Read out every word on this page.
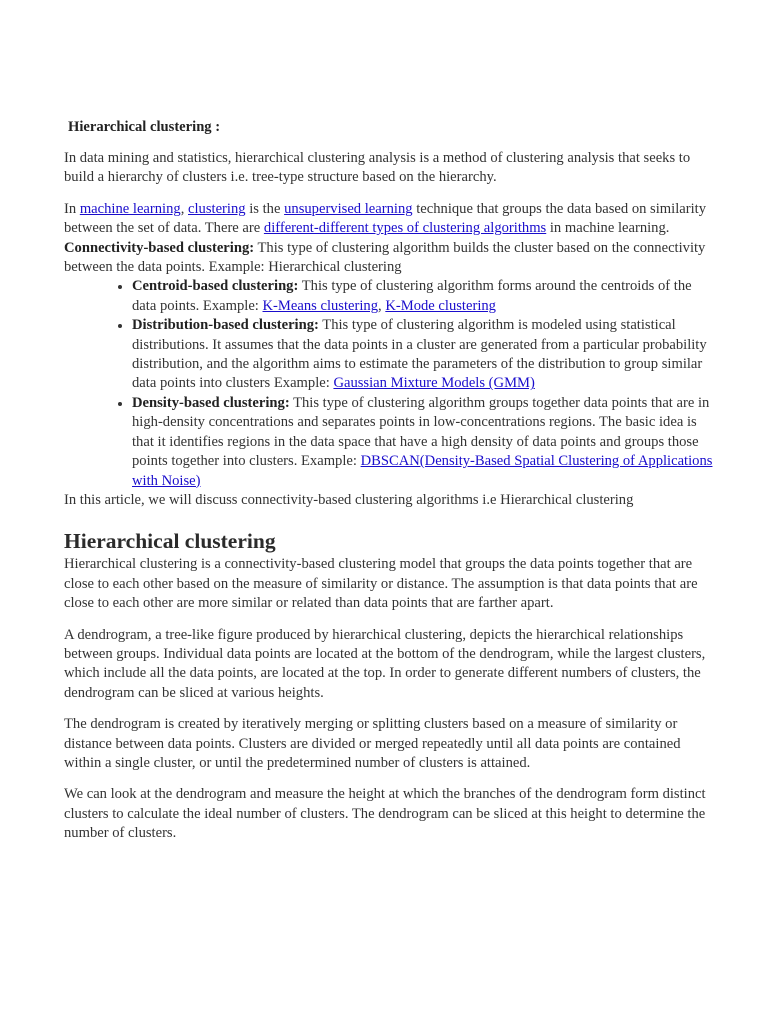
Hierarchical clustering :

In data mining and statistics, hierarchical clustering analysis is a method of clustering analysis that seeks to build a hierarchy of clusters i.e. tree-type structure based on the hierarchy.

In machine learning, clustering is the unsupervised learning technique that groups the data based on similarity between the set of data. There are different-different types of clustering algorithms in machine learning. Connectivity-based clustering: This type of clustering algorithm builds the cluster based on the connectivity between the data points. Example: Hierarchical clustering

• Centroid-based clustering: This type of clustering algorithm forms around the centroids of the data points. Example: K-Means clustering, K-Mode clustering
• Distribution-based clustering: This type of clustering algorithm is modeled using statistical distributions. It assumes that the data points in a cluster are generated from a particular probability distribution, and the algorithm aims to estimate the parameters of the distribution to group similar data points into clusters Example: Gaussian Mixture Models (GMM)
• Density-based clustering: This type of clustering algorithm groups together data points that are in high-density concentrations and separates points in low-concentrations regions. The basic idea is that it identifies regions in the data space that have a high density of data points and groups those points together into clusters. Example: DBSCAN(Density-Based Spatial Clustering of Applications with Noise)

In this article, we will discuss connectivity-based clustering algorithms i.e Hierarchical clustering

Hierarchical clustering

Hierarchical clustering is a connectivity-based clustering model that groups the data points together that are close to each other based on the measure of similarity or distance. The assumption is that data points that are close to each other are more similar or related than data points that are farther apart.

A dendrogram, a tree-like figure produced by hierarchical clustering, depicts the hierarchical relationships between groups. Individual data points are located at the bottom of the dendrogram, while the largest clusters, which include all the data points, are located at the top. In order to generate different numbers of clusters, the dendrogram can be sliced at various heights.

The dendrogram is created by iteratively merging or splitting clusters based on a measure of similarity or distance between data points. Clusters are divided or merged repeatedly until all data points are contained within a single cluster, or until the predetermined number of clusters is attained.

We can look at the dendrogram and measure the height at which the branches of the dendrogram form distinct clusters to calculate the ideal number of clusters. The dendrogram can be sliced at this height to determine the number of clusters.
